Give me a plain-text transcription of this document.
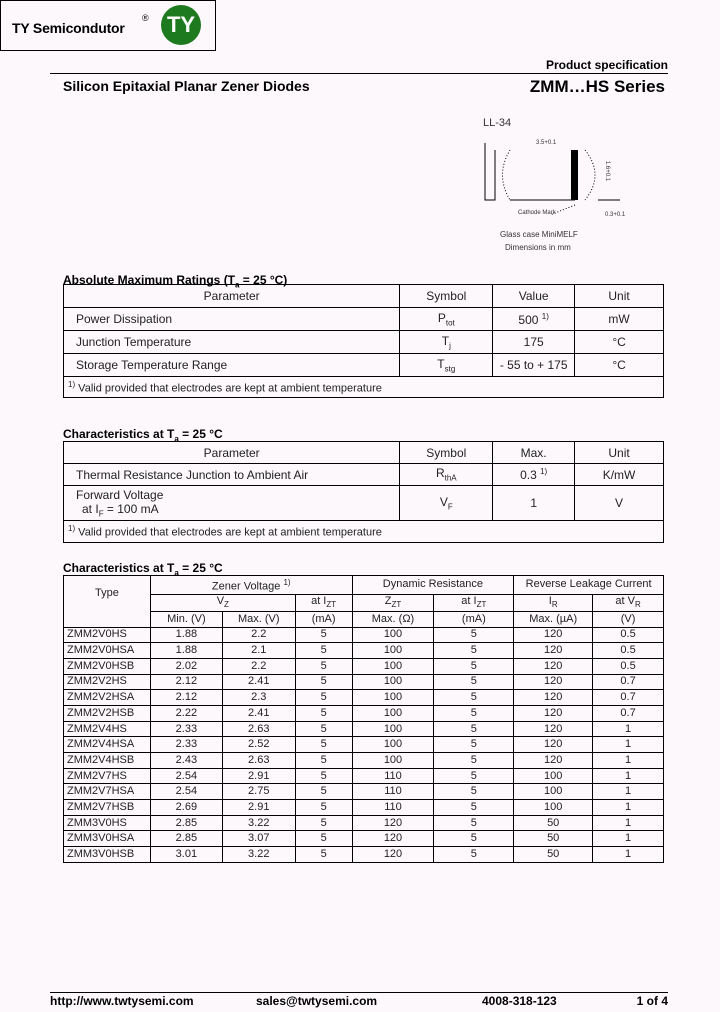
TY Semicondutor
® TY
Product specification
Silicon Epitaxial Planar Zener Diodes	ZMM…HS Series
LL-34
3.5+0.1
1.6+0.1
Cathode Mark	0.3+0.1
Glass case MiniMELF
Dimensions in mm
Absolute Maximum Ratings ($T_a = 25$ °C)
Parameter	Symbol	Value	Unit
Power Dissipation	$P_{tot}$	500 $^{1)}$	mW
Junction Temperature	$T_j$	175	°C
Storage Temperature Range	$T_{stg}$	- 55 to + 175	°C
$^{1)}$ Valid provided that electrodes are kept at ambient temperature			
Characteristics at $T_a = 25$ °C
Parameter	Symbol	Max.	Unit
Thermal Resistance Junction to Ambient Air	$R_{thA}$	0.3 $^{1)}$	K/mW

Forward Voltage
at $I_F = 100$ mA	$V_F$	1	V
$^{1)}$ Valid provided that electrodes are kept at ambient temperature			
Characteristics at $T_a = 25$ °C
Type	Zener Voltage $^{1)}$			Dynamic Resistance		Reverse Leakage Current	
	$V_Z$		at $I_{ZT}$	$Z_{ZT}$	at $I_{ZT}$	$I_R$	at $V_R$
	Min. (V)	Max. (V)	(mA)	Max. (Ω)	(mA)	Max. (µA)	(V)
ZMM2V0HS	1.88	2.2	5	100	5	120	0.5
ZMM2V0HSA	1.88	2.1	5	100	5	120	0.5
ZMM2V0HSB	2.02	2.2	5	100	5	120	0.5
ZMM2V2HS	2.12	2.41	5	100	5	120	0.7
ZMM2V2HSA	2.12	2.3	5	100	5	120	0.7
ZMM2V2HSB	2.22	2.41	5	100	5	120	0.7
ZMM2V4HS	2.33	2.63	5	100	5	120	1
ZMM2V4HSA	2.33	2.52	5	100	5	120	1
ZMM2V4HSB	2.43	2.63	5	100	5	120	1
ZMM2V7HS	2.54	2.91	5	110	5	100	1
ZMM2V7HSA	2.54	2.75	5	110	5	100	1
ZMM2V7HSB	2.69	2.91	5	110	5	100	1
ZMM3V0HS	2.85	3.22	5	120	5	50	1
ZMM3V0HSA	2.85	3.07	5	120	5	50	1
ZMM3V0HSB	3.01	3.22	5	120	5	50	1
http://www.twtysemi.com	sales@twtysemi.com	4008-318-123	1 of 4
